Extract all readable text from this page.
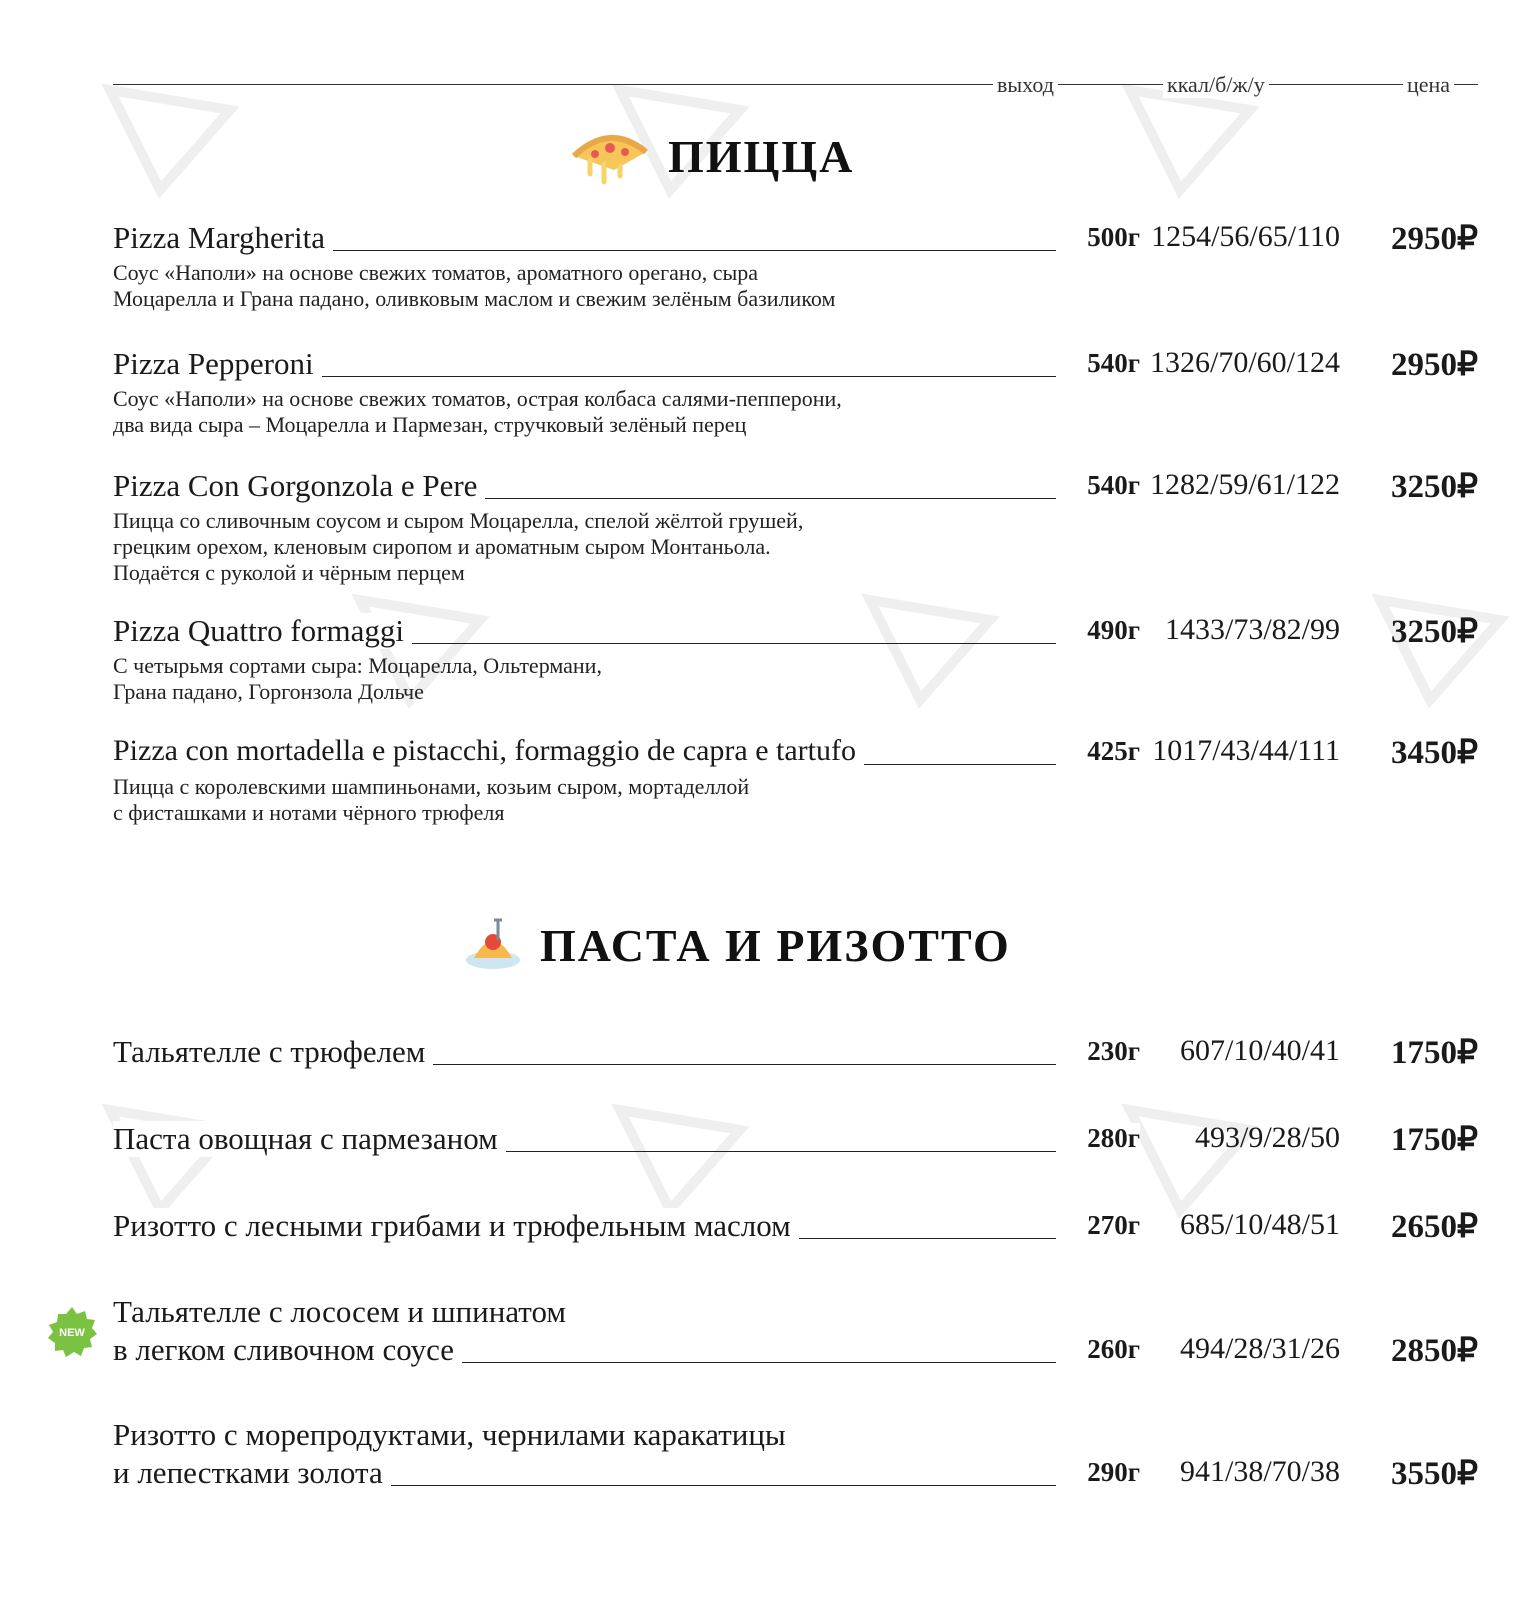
выход	ккал/б/ж/у	цена
ПИЦЦА
Pizza Margherita	500г 1254/56/65/110 2950₽
Соус «Наполи» на основе свежих томатов, ароматного орегано, сыра
Моцарелла и Грана падано, оливковым маслом и свежим зелёным базиликом
Pizza Pepperoni	540г 1326/70/60/124 2950₽
Соус «Наполи» на основе свежих томатов, острая колбаса салями-пепперони,
два вида сыра – Моцарелла и Пармезан, стручковый зелёный перец
Pizza Con Gorgonzola e Pere	540г 1282/59/61/122 3250₽
Пицца со сливочным соусом и сыром Моцарелла, спелой жёлтой грушей,
грецким орехом, кленовым сиропом и ароматным сыром Монтаньола.
Подаётся с руколой и чёрным перцем
Pizza Quattro formaggi	490г 1433/73/82/99 3250₽
С четырьмя сортами сыра: Моцарелла, Ольтермани,
Грана падано, Горгонзола Дольче
Pizza con mortadella e pistacchi, formaggio de capra e tartufo	425г 1017/43/44/111 3450₽
Пицца с королевскими шампиньонами, козьим сыром, мортаделлой
с фисташками и нотами чёрного трюфеля
ПАСТА И РИЗОТТО
Тальятелле с трюфелем	230г 607/10/40/41 1750₽
Паста овощная с пармезаном	280г 493/9/28/50 1750₽
Ризотто с лесными грибами и трюфельным маслом	270г 685/10/48/51 2650₽
NEW
Тальятелле с лососем и шпинатом
в легком сливочном соусе	260г 494/28/31/26 2850₽
Ризотто с морепродуктами, чернилами каракатицы
и лепестками золота	290г 941/38/70/38 3550₽
